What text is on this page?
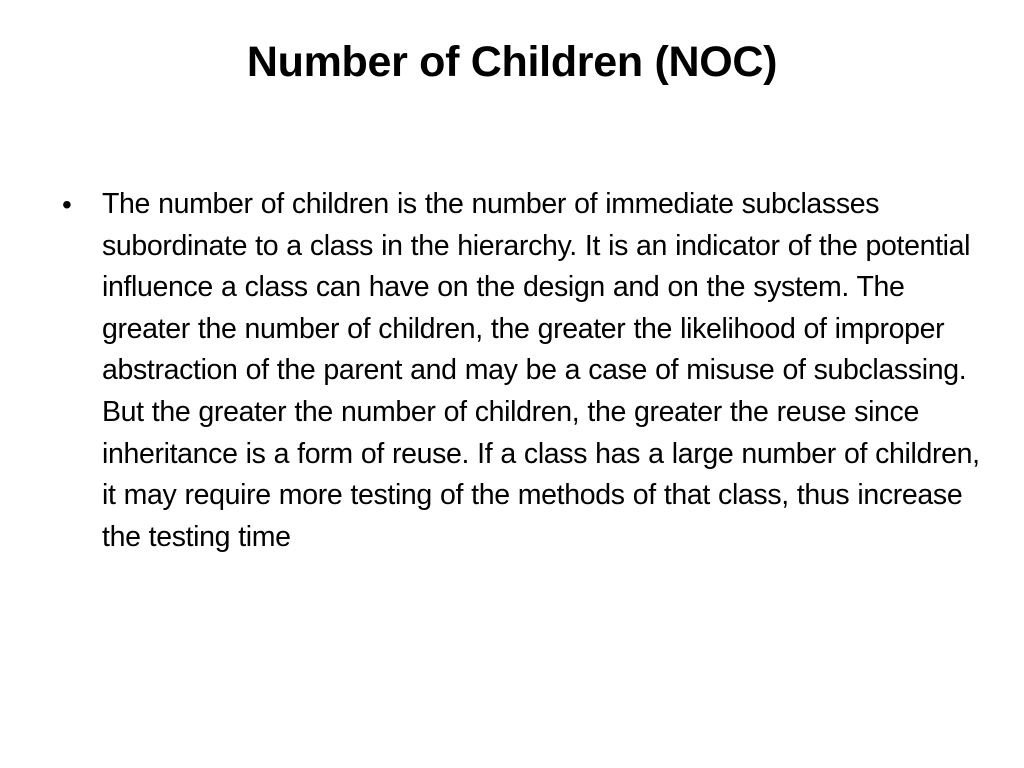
Number of Children (NOC)
• The number of children is the number of immediate subclasses subordinate to a class in the hierarchy. It is an indicator of the potential influence a class can have on the design and on the system. The greater the number of children, the greater the likelihood of improper abstraction of the parent and may be a case of misuse of subclassing. But the greater the number of children, the greater the reuse since inheritance is a form of reuse. If a class has a large number of children, it may require more testing of the methods of that class, thus increase the testing time
